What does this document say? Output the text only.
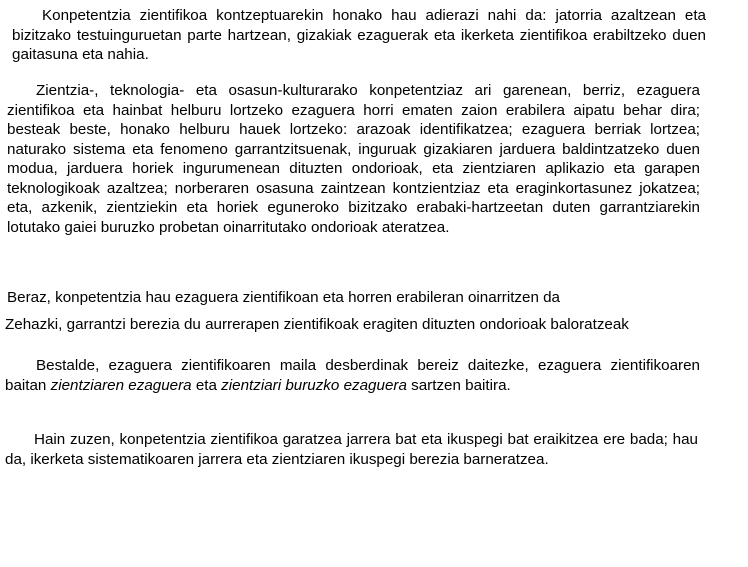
Konpetentzia zientifikoa kontzeptuarekin honako hau adierazi nahi da: jatorria azaltzean eta bizitzako testuinguruetan parte hartzean, gizakiak ezaguerak eta ikerketa zientifikoa erabiltzeko duen gaitasuna eta nahia.

Zientzia-, teknologia- eta osasun-kulturarako konpetentziaz ari garenean, berriz, ezaguera zientifikoa eta hainbat helburu lortzeko ezaguera horri ematen zaion erabilera aipatu behar dira; besteak beste, honako helburu hauek lortzeko: arazoak identifikatzea; ezaguera berriak lortzea; naturako sistema eta fenomeno garrantzitsuenak, inguruak gizakiaren jarduera baldintzatzeko duen modua, jarduera horiek ingurumenean dituzten ondorioak, eta zientziaren aplikazio eta garapen teknologikoak azaltzea; norberaren osasuna zaintzean kontzientziaz eta eraginkortasunez jokatzea; eta, azkenik, zientziekin eta horiek eguneroko bizitzako erabaki-hartzeetan duten garrantziarekin lotutako gaiei buruzko probetan oinarritutako ondorioak ateratzea.

Beraz, konpetentzia hau ezaguera zientifikoan eta horren erabileran oinarritzen da

Zehazki, garrantzi berezia du aurrerapen zientifikoak eragiten dituzten ondorioak baloratzeak

Bestalde, ezaguera zientifikoaren maila desberdinak bereiz daitezke, ezaguera zientifikoaren baitan zientziaren ezaguera eta zientziari buruzko ezaguera sartzen baitira.

Hain zuzen, konpetentzia zientifikoa garatzea jarrera bat eta ikuspegi bat eraikitzea ere bada; hau da, ikerketa sistematikoaren jarrera eta zientziaren ikuspegi berezia barneratzea.
